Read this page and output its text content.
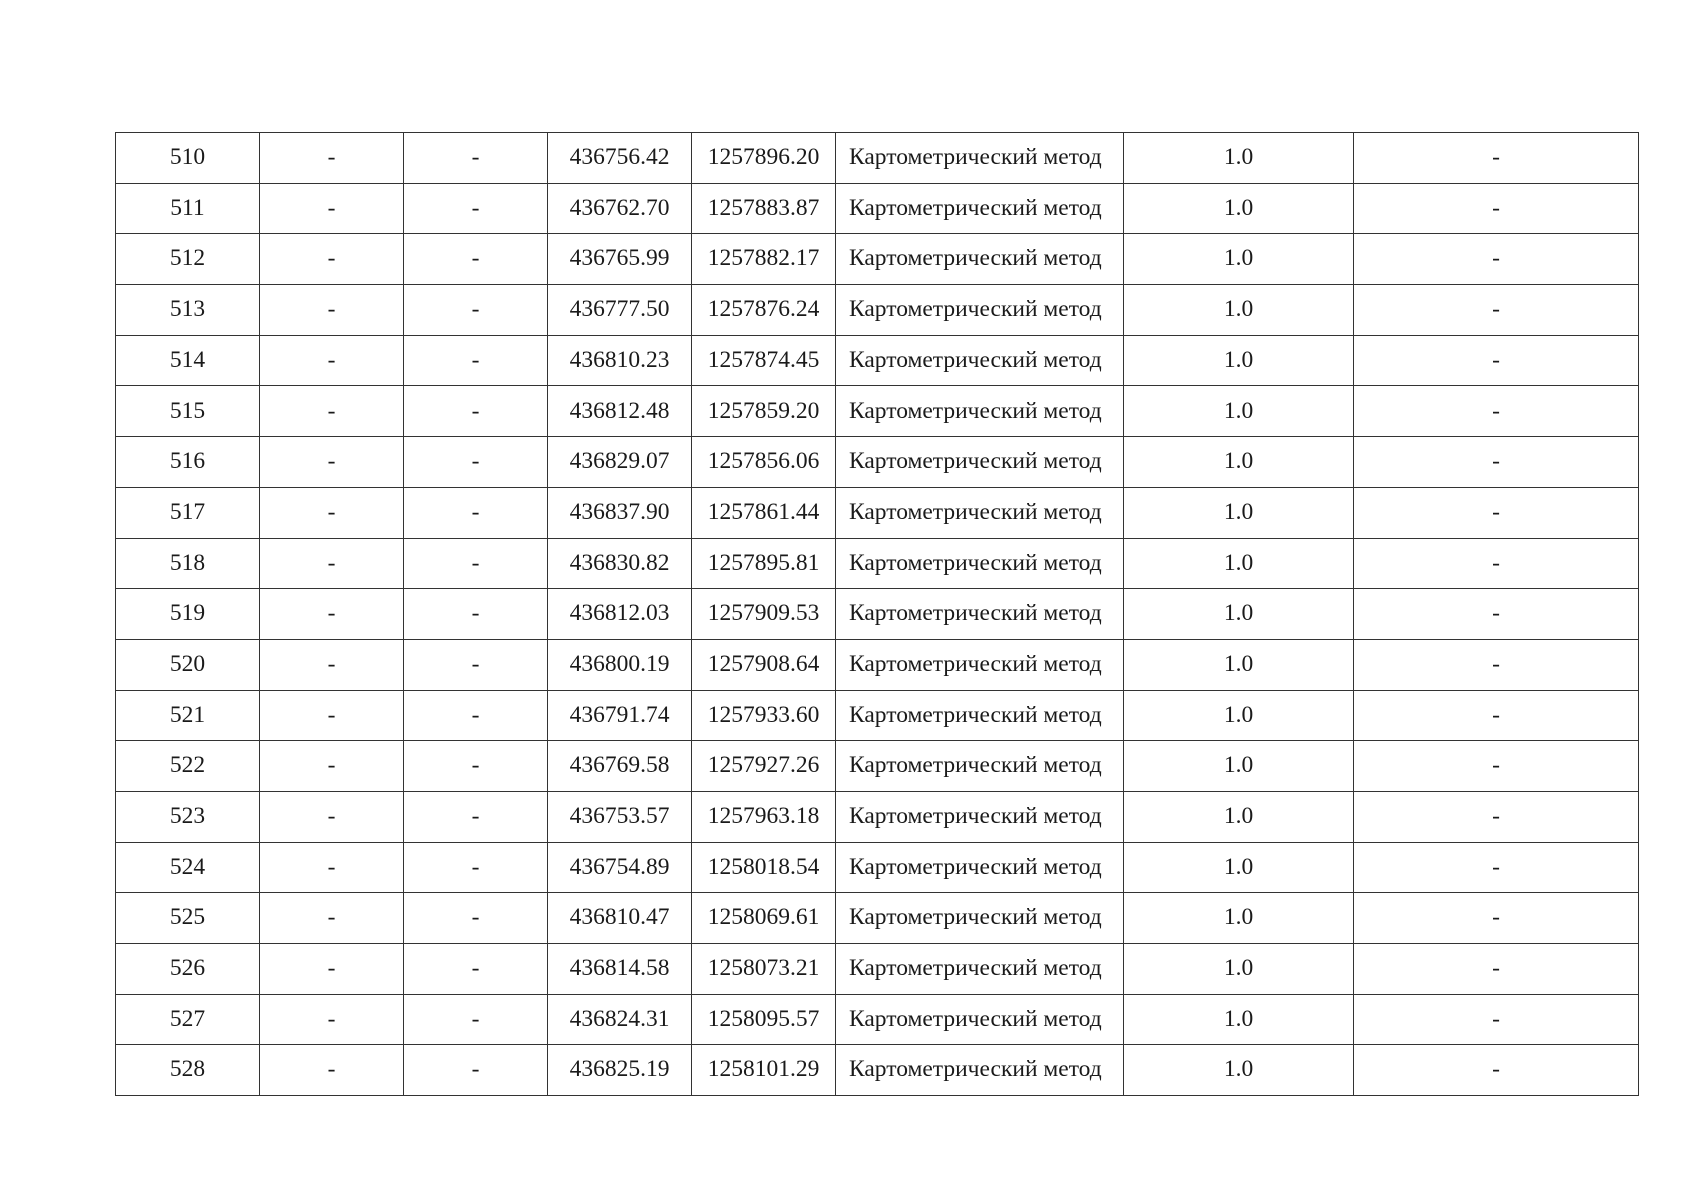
510	-	-	436756.42	1257896.20	Картометрический метод	1.0	-
511	-	-	436762.70	1257883.87	Картометрический метод	1.0	-
512	-	-	436765.99	1257882.17	Картометрический метод	1.0	-
513	-	-	436777.50	1257876.24	Картометрический метод	1.0	-
514	-	-	436810.23	1257874.45	Картометрический метод	1.0	-
515	-	-	436812.48	1257859.20	Картометрический метод	1.0	-
516	-	-	436829.07	1257856.06	Картометрический метод	1.0	-
517	-	-	436837.90	1257861.44	Картометрический метод	1.0	-
518	-	-	436830.82	1257895.81	Картометрический метод	1.0	-
519	-	-	436812.03	1257909.53	Картометрический метод	1.0	-
520	-	-	436800.19	1257908.64	Картометрический метод	1.0	-
521	-	-	436791.74	1257933.60	Картометрический метод	1.0	-
522	-	-	436769.58	1257927.26	Картометрический метод	1.0	-
523	-	-	436753.57	1257963.18	Картометрический метод	1.0	-
524	-	-	436754.89	1258018.54	Картометрический метод	1.0	-
525	-	-	436810.47	1258069.61	Картометрический метод	1.0	-
526	-	-	436814.58	1258073.21	Картометрический метод	1.0	-
527	-	-	436824.31	1258095.57	Картометрический метод	1.0	-
528	-	-	436825.19	1258101.29	Картометрический метод	1.0	-
